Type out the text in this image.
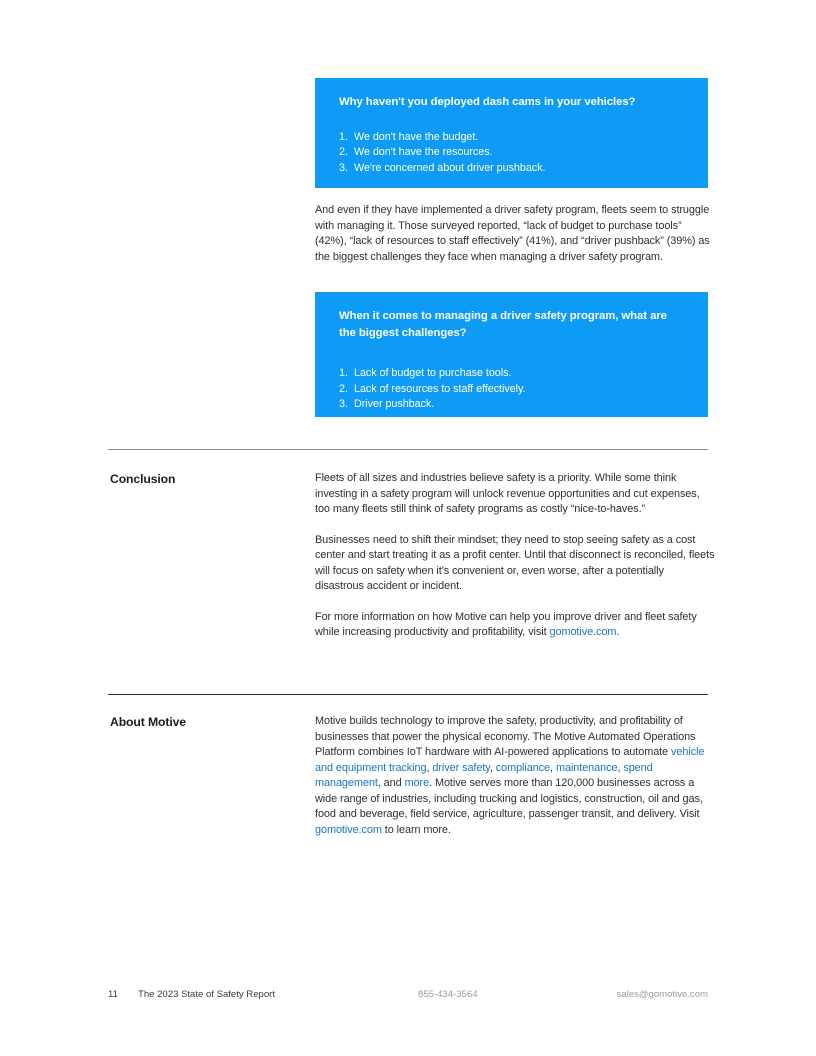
Why haven't you deployed dash cams in your vehicles?

1. We don't have the budget.
2. We don't have the resources.
3. We're concerned about driver pushback.

And even if they have implemented a driver safety program, fleets seem to struggle with managing it. Those surveyed reported, “lack of budget to purchase tools” (42%), “lack of resources to staff effectively” (41%), and “driver pushback” (39%) as the biggest challenges they face when managing a driver safety program.

When it comes to managing a driver safety program, what are the biggest challenges?

1. Lack of budget to purchase tools.
2. Lack of resources to staff effectively.
3. Driver pushback.
Conclusion	Fleets of all sizes and industries believe safety is a priority. While some think investing in a safety program will unlock revenue opportunities and cut expenses, too many fleets still think of safety programs as costly “nice-to-haves.”

Businesses need to shift their mindset; they need to stop seeing safety as a cost center and start treating it as a profit center. Until that disconnect is reconciled, fleets will focus on safety when it's convenient or, even worse, after a potentially disastrous accident or incident.

For more information on how Motive can help you improve driver and fleet safety while increasing productivity and profitability, visit gomotive.com.

About Motive	Motive builds technology to improve the safety, productivity, and profitability of businesses that power the physical economy. The Motive Automated Operations Platform combines IoT hardware with AI-powered applications to automate vehicle and equipment tracking, driver safety, compliance, maintenance, spend management, and more. Motive serves more than 120,000 businesses across a wide range of industries, including trucking and logistics, construction, oil and gas, food and beverage, field service, agriculture, passenger transit, and delivery. Visit gomotive.com to learn more.

11 The 2023 State of Safety Report	855-434-3564	sales@gomotive.com
